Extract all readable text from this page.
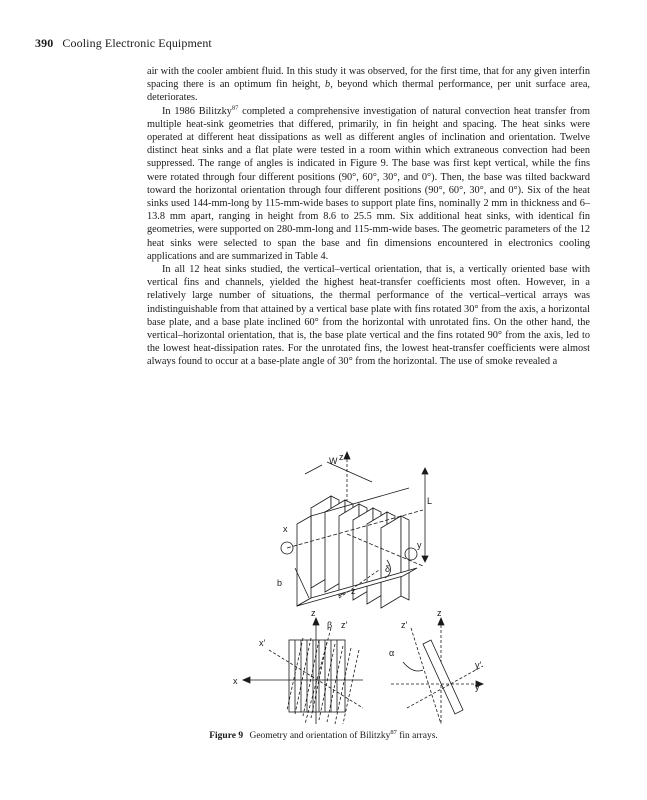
390 Cooling Electronic Equipment

air with the cooler ambient fluid. In this study it was observed, for the first time, that for any given interfin spacing there is an optimum fin height, b, beyond which thermal performance, per unit surface area, deteriorates.

In 1986 Bilitzky$^{87}$ completed a comprehensive investigation of natural convection heat transfer from multiple heat-sink geometries that differed, primarily, in fin height and spacing. The heat sinks were operated at different heat dissipations as well as different angles of inclination and orientation. Twelve distinct heat sinks and a flat plate were tested in a room within which extraneous convection had been suppressed. The range of angles is indicated in Figure 9. The base was first kept vertical, while the fins were rotated through four different positions (90°, 60°, 30°, and 0°). Then, the base was tilted backward toward the horizontal orientation through four different positions (90°, 60°, 30°, and 0°). Six of the heat sinks used 144-mm-long by 115-mm-wide bases to support plate fins, nominally 2 mm in thickness and 6–13.8 mm apart, ranging in height from 8.6 to 25.5 mm. Six additional heat sinks, with identical fin geometries, were supported on 280-mm-long and 115-mm-wide bases. The geometric parameters of the 12 heat sinks were selected to span the base and fin dimensions encountered in electronics cooling applications and are summarized in Table 4.

In all 12 heat sinks studied, the vertical–vertical orientation, that is, a vertically oriented base with vertical fins and channels, yielded the highest heat-transfer coefficients most often. However, in a relatively large number of situations, the thermal performance of the vertical–vertical arrays was indistinguishable from that attained by a vertical base plate with fins rotated 30° from the axis, a horizontal base plate, and a base plate inclined 60° from the horizontal with unrotated fins. On the other hand, the vertical–horizontal orientation, that is, the base plate vertical and the fins rotated 90° from the axis, led to the lowest heat-dissipation rates. For the unrotated fins, the lowest heat-transfer coefficients were almost always found to occur at a base-plate angle of 30° from the horizontal. The use of smoke revealed a

z
W
L
x
y
b
δ
z
z
β z′
x′
x
z′
z
α
y′
y
Figure 9 Geometry and orientation of Bilitzky$^{87}$ fin arrays.
